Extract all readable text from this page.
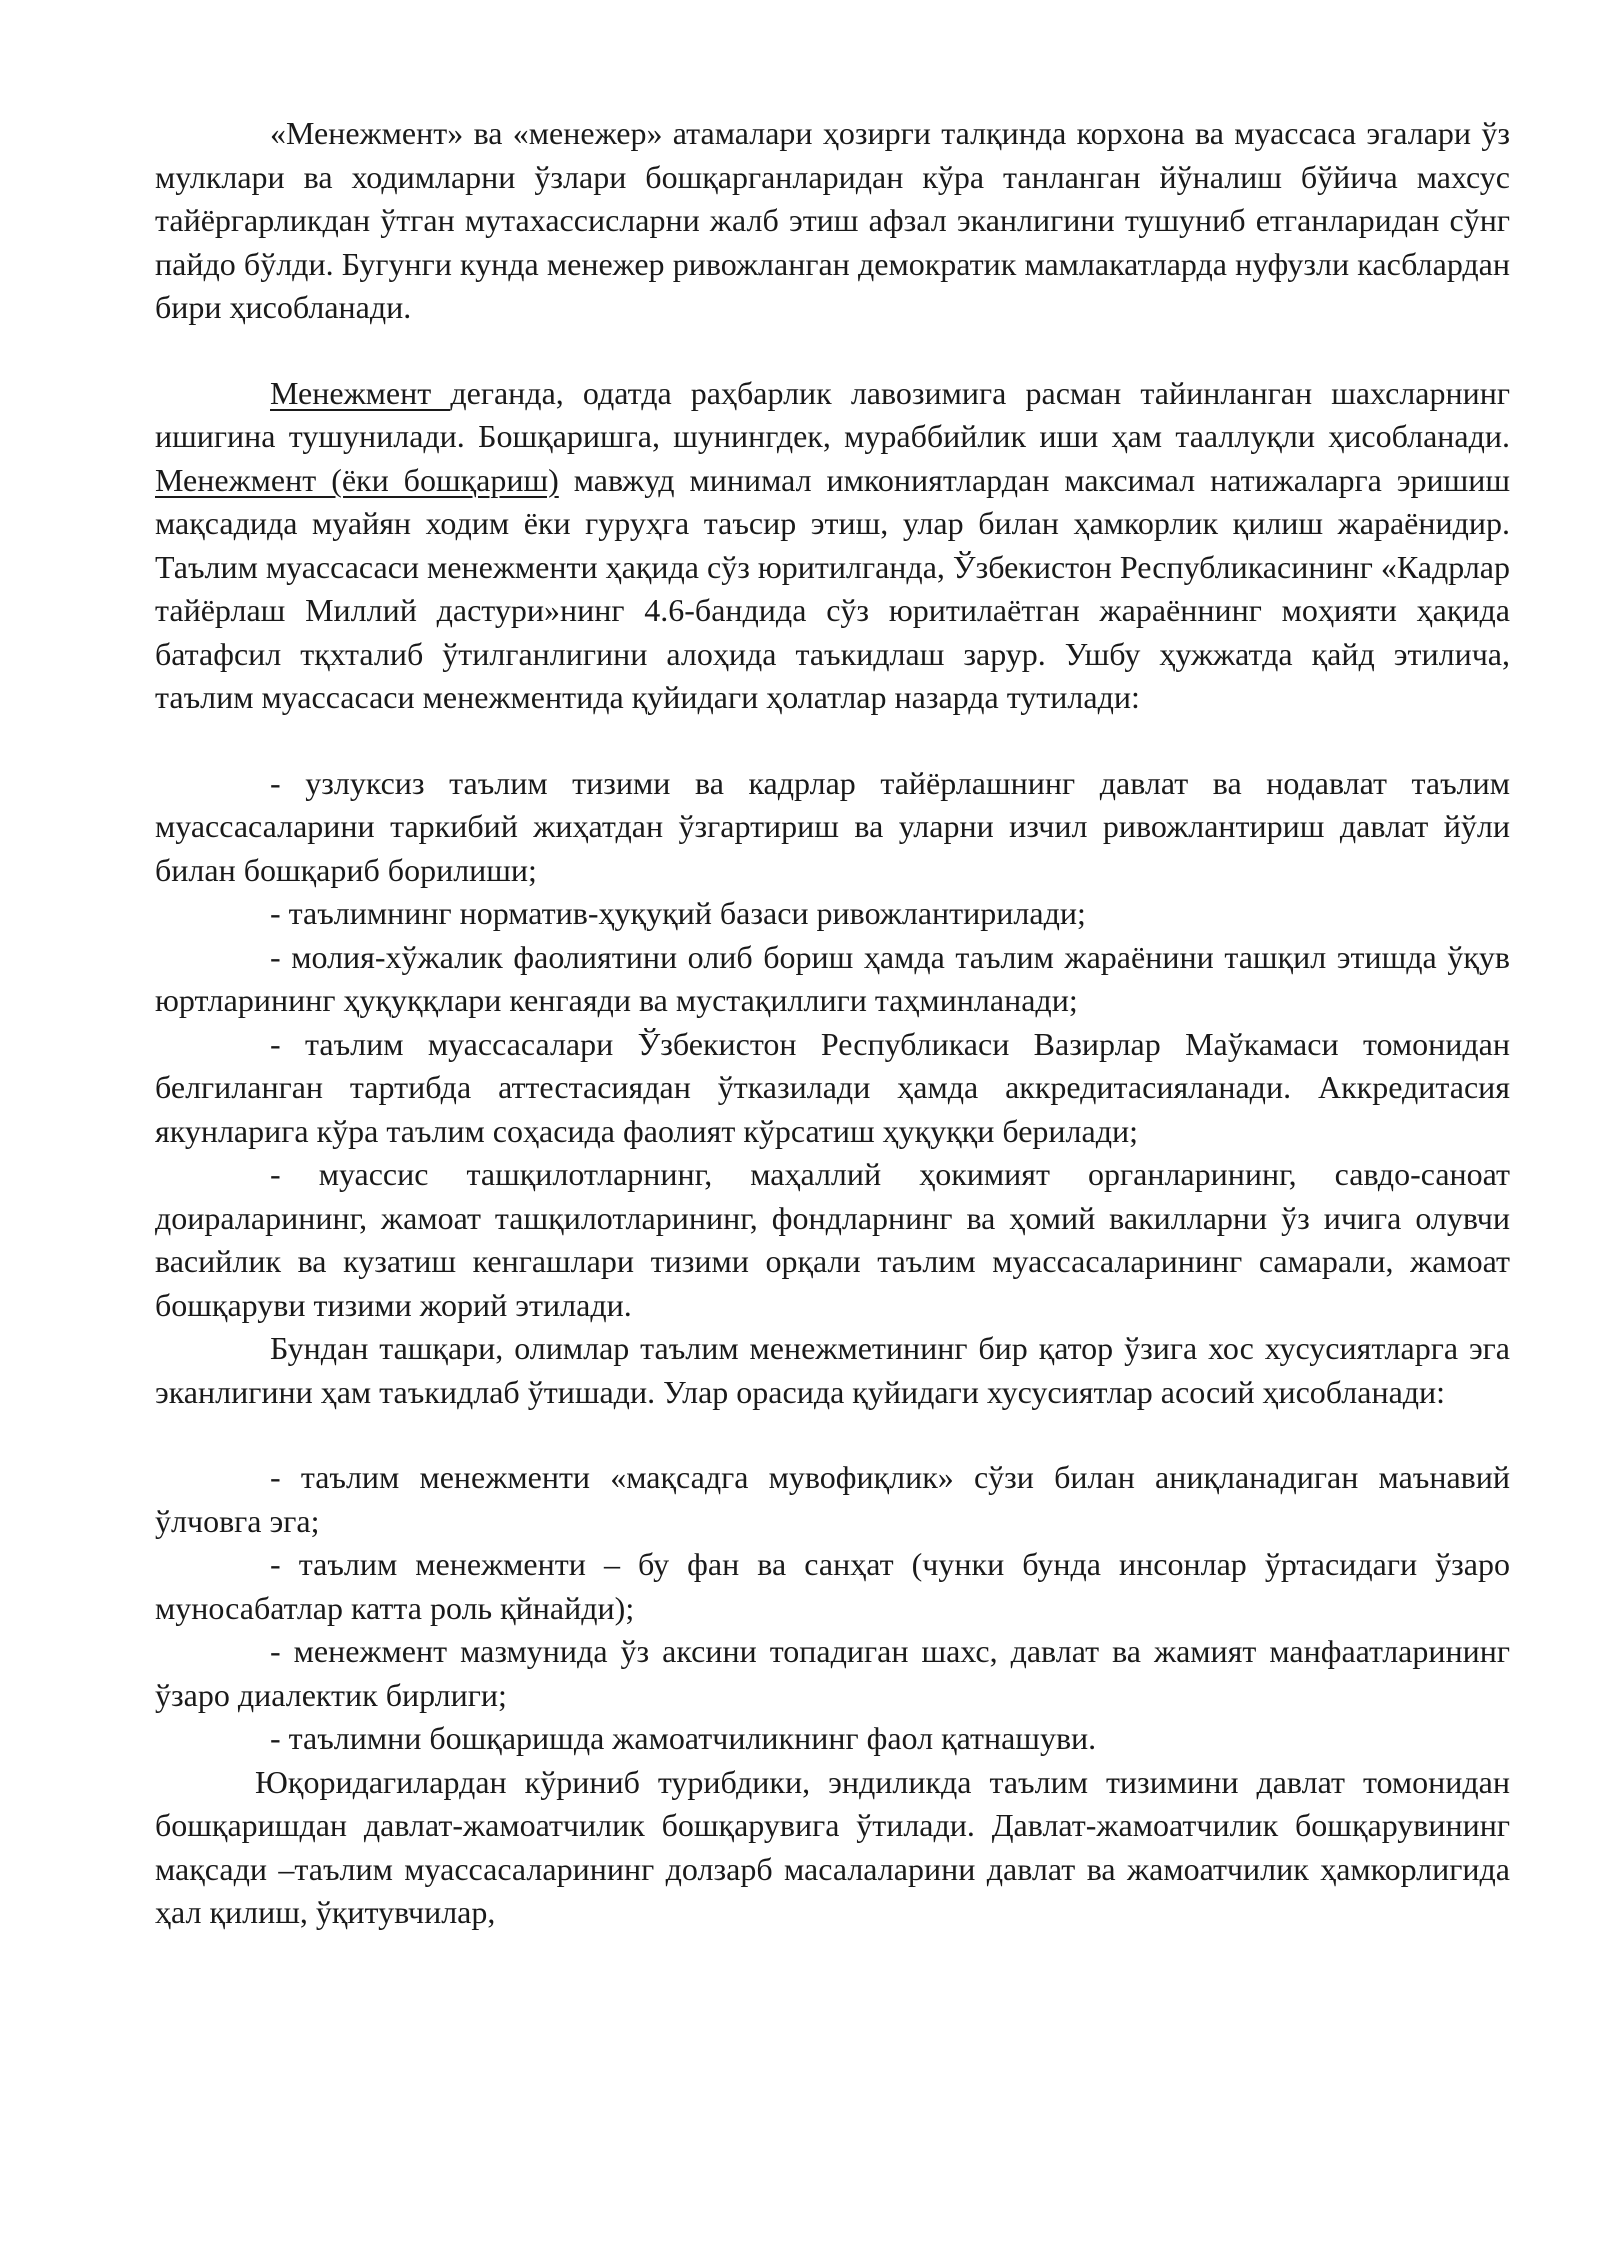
«Менежмент» ва «менежер» атамалари ҳозирги талқинда корхона ва муассаса эгалари ўз мулклари ва ходимларни ўзлари бошқарганларидан кўра танланган йўналиш бўйича махсус тайёргарликдан ўтган мутахассисларни жалб этиш афзал эканлигини тушуниб етганларидан сўнг пайдо бўлди. Бугунги кунда менежер ривожланган демократик мамлакатларда нуфузли касблардан бири ҳисобланади.

Менежмент деганда, одатда раҳбарлик лавозимига расман тайинланган шахсларнинг ишигина тушунилади. Бошқаришга, шунингдек, мураббийлик иши ҳам тааллуқли ҳисобланади. Менежмент (ёки бошқариш) мавжуд минимал имкониятлардан максимал натижаларга эришиш мақсадида муайян ходим ёки гуруҳга таъсир этиш, улар билан ҳамкорлик қилиш жараёнидир. Таълим муассасаси менежменти ҳақида сўз юритилганда, Ўзбекистон Республикасининг «Кадрлар тайёрлаш Миллий дастури»нинг 4.6-бандида сўз юритилаётган жараённинг моҳияти ҳақида батафсил тқхталиб ўтилганлигини алоҳида таъкидлаш зарур. Ушбу ҳужжатда қайд этилича, таълим муассасаси менежментида қуйидаги ҳолатлар назарда тутилади:

- узлуксиз таълим тизими ва кадрлар тайёрлашнинг давлат ва нодавлат таълим муассасаларини таркибий жиҳатдан ўзгартириш ва уларни изчил ривожлантириш давлат йўли билан бошқариб борилиши;

- таълимнинг норматив-ҳуқуқий базаси ривожлантирилади;

- молия-хўжалик фаолиятини олиб бориш ҳамда таълим жараёнини ташқил этишда ўқув юртларининг ҳуқуққлари кенгаяди ва мустақиллиги таҳминланади;

- таълим муассасалари Ўзбекистон Республикаси Вазирлар Маўкамаси томонидан белгиланган тартибда аттестасиядан ўтказилади ҳамда аккредитасияланади. Аккредитасия якунларига кўра таълим соҳасида фаолият кўрсатиш ҳуқуққи берилади;

- муассис ташқилотларнинг, маҳаллий ҳокимият органларининг, савдо-саноат доираларининг, жамоат ташқилотларининг, фондларнинг ва ҳомий вакилларни ўз ичига олувчи васийлик ва кузатиш кенгашлари тизими орқали таълим муассасаларининг самарали, жамоат бошқаруви тизими жорий этилади.

Бундан ташқари, олимлар таълим менежметининг бир қатор ўзига хос хусусиятларга эга эканлигини ҳам таъкидлаб ўтишади. Улар орасида қуйидаги хусусиятлар асосий ҳисобланади:

- таълим менежменти «мақсадга мувофиқлик» сўзи билан аниқланадиган маънавий ўлчовга эга;

- таълим менежменти – бу фан ва санҳат (чунки бунда инсонлар ўртасидаги ўзаро муносабатлар катта роль қйнайди);

- менежмент мазмунида ўз аксини топадиган шахс, давлат ва жамият манфаатларининг ўзаро диалектик бирлиги;

- таълимни бошқаришда жамоатчиликнинг фаол қатнашуви.

Юқоридагилардан кўриниб турибдики, эндиликда таълим тизимини давлат томонидан бошқаришдан давлат-жамоатчилик бошқарувига ўтилади. Давлат-жамоатчилик бошқарувининг мақсади –таълим муассасаларининг долзарб масалаларини давлат ва жамоатчилик ҳамкорлигида ҳал қилиш, ўқитувчилар,
